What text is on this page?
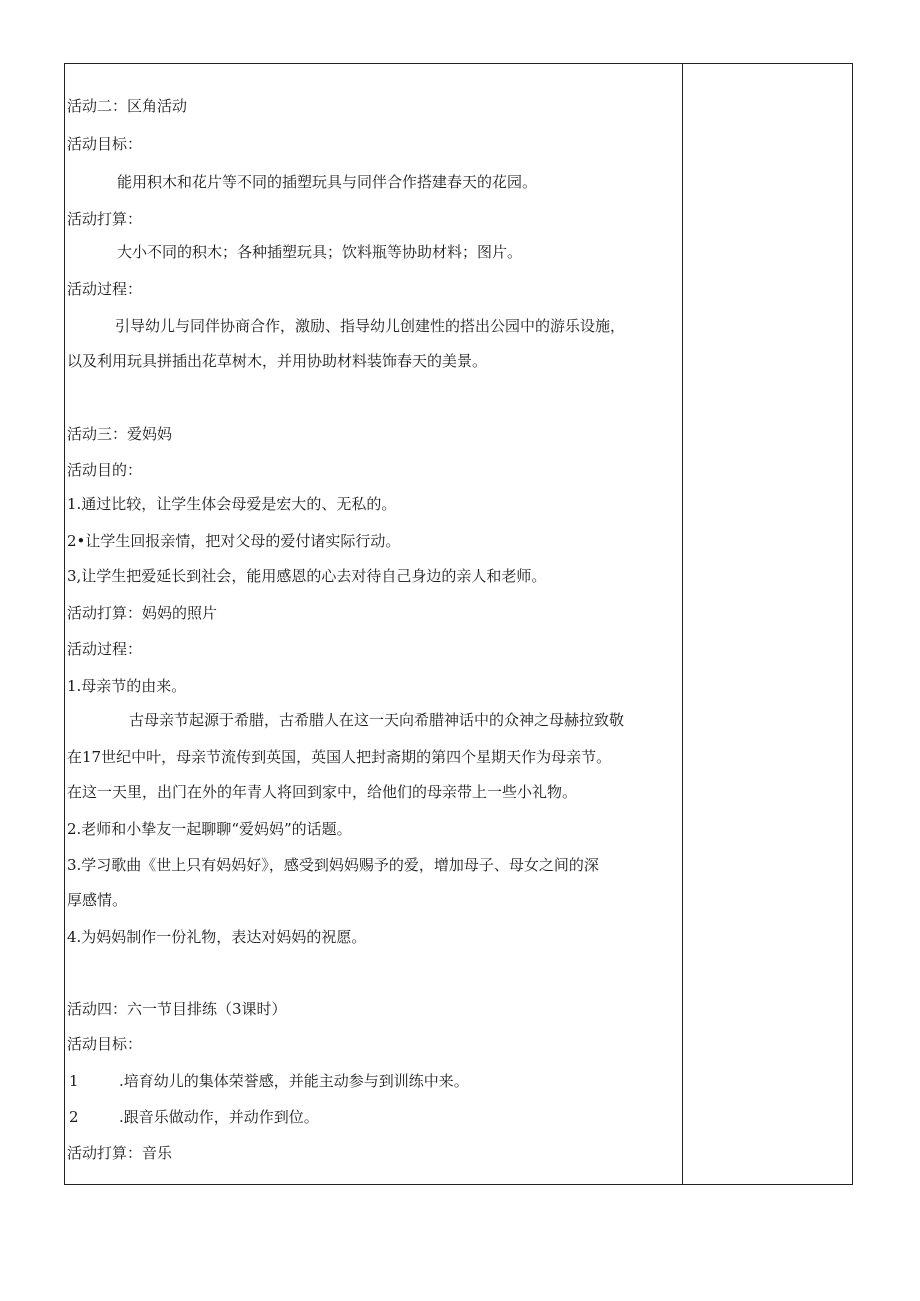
活动二：区角活动
活动目标：
能用积木和花片等不同的插塑玩具与同伴合作搭建春天的花园。
活动打算：
大小不同的积木；各种插塑玩具；饮料瓶等协助材料；图片。
活动过程：
引导幼儿与同伴协商合作，激励、指导幼儿创建性的搭出公园中的游乐设施，
以及利用玩具拼插出花草树木，并用协助材料装饰春天的美景。
活动三：爱妈妈
活动目的：
1.通过比较，让学生体会母爱是宏大的、无私的。
2•让学生回报亲情，把对父母的爱付诸实际行动。
3,让学生把爱延长到社会，能用感恩的心去对待自己身边的亲人和老师。
活动打算：妈妈的照片
活动过程：
1.母亲节的由来。
古母亲节起源于希腊，古希腊人在这一天向希腊神话中的众神之母赫拉致敬
在17世纪中叶，母亲节流传到英国，英国人把封斋期的第四个星期天作为母亲节。
在这一天里，出门在外的年青人将回到家中，给他们的母亲带上一些小礼物。
2.老师和小挚友一起聊聊“爱妈妈”的话题。
3.学习歌曲《世上只有妈妈好》，感受到妈妈赐予的爱，增加母子、母女之间的深
厚感情。
4.为妈妈制作一份礼物，表达对妈妈的祝愿。
活动四：六一节目排练（3课时）
活动目标：
1	.培育幼儿的集体荣誉感，并能主动参与到训练中来。
2	.跟音乐做动作，并动作到位。
活动打算：音乐
